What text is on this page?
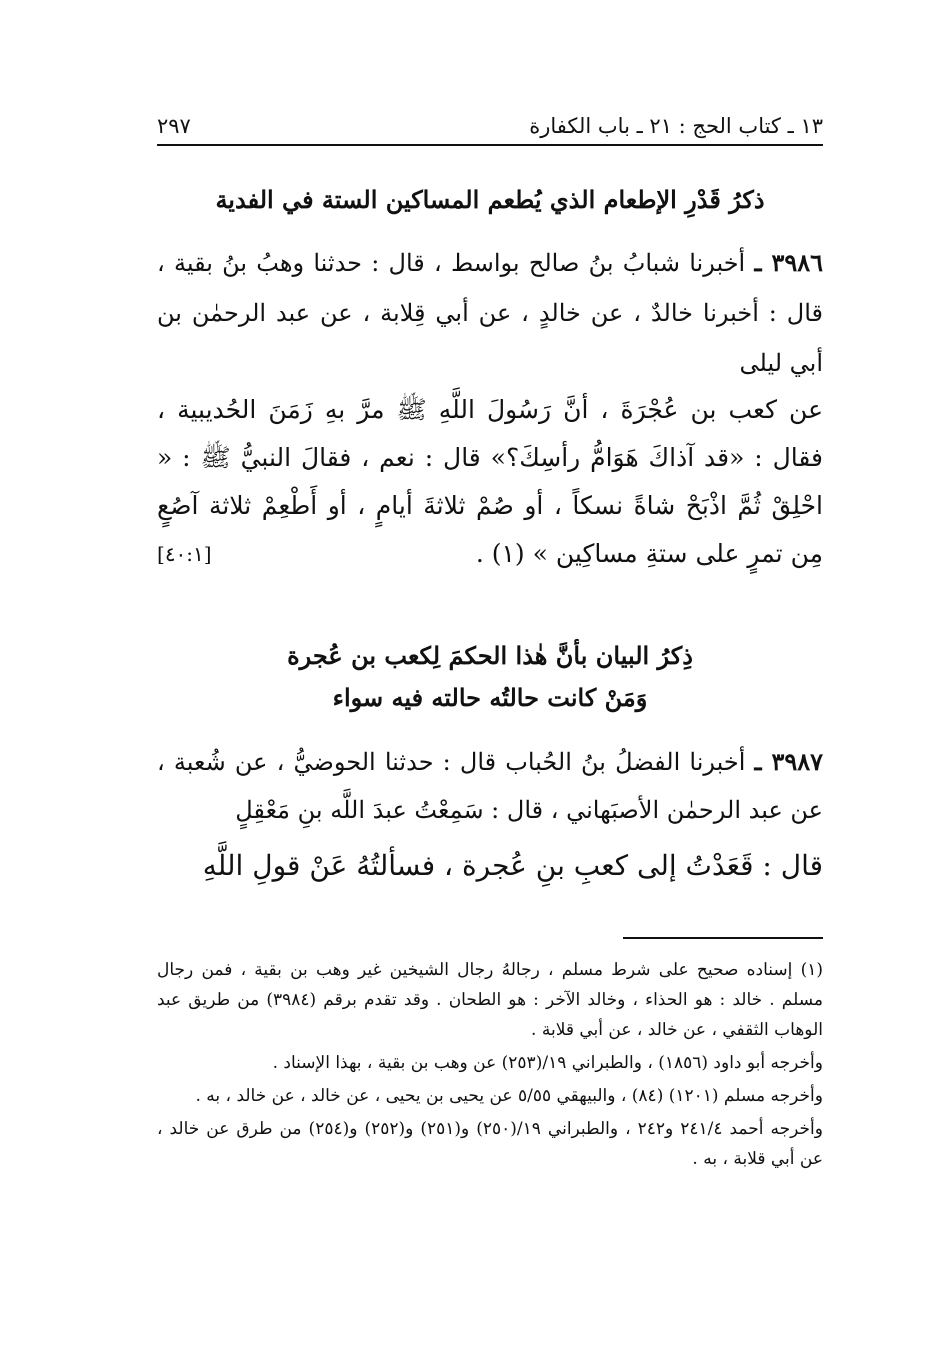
١٣ ـ كتاب الحج : ٢١ ـ باب الكفارة
٢٩٧
ذكرُ قَدْرِ الإطعام الذي يُطعم المساكين الستة في الفدية
٣٩٨٦ ـ أخبرنا شبابُ بنُ صالح بواسط ، قال : حدثنا وهبُ بنُ بقية ، قال : أخبرنا خالدٌ ، عن خالدٍ ، عن أبي قِلابة ، عن عبد الرحمٰن بن أبي ليلى
عن كعب بن عُجْرَةَ ، أنَّ رَسُولَ اللَّهِ ﷺ مرَّ بهِ زَمَنَ الحُديبية ، فقال : «قد آذاكَ هَوَامُّ رأسِكَ؟» قال : نعم ، فقالَ النبيُّ ﷺ : « احْلِقْ ثُمَّ اذْبَحْ شاةً نسكاً ، أو صُمْ ثلاثةَ أيامٍ ، أو أَطْعِمْ ثلاثة آصُعٍ مِن تمرٍ على ستةِ مساكِين » (١) .
[٤٠:١]
ذِكرُ البيان بأنَّ هٰذا الحكمَ لِكعب بن عُجرة
وَمَنْ كانت حالتُه حالته فيه سواء
٣٩٨٧ ـ أخبرنا الفضلُ بنُ الحُباب قال : حدثنا الحوضيُّ ، عن شُعبة ، عن عبد الرحمٰن الأصبَهاني ، قال : سَمِعْتُ عبدَ اللَّه بنِ مَعْقِلٍ
قال : قَعَدْتُ إلى كعبِ بنِ عُجرة ، فسألتُهُ عَنْ قولِ اللَّهِ

(١) إسناده صحيح على شرط مسلم ، رجالهُ رجال الشيخين غير وهب بن بقية ، فمن رجال مسلم . خالد : هو الحذاء ، وخالد الآخر : هو الطحان . وقد تقدم برقم (٣٩٨٤) من طريق عبد الوهاب الثقفي ، عن خالد ، عن أبي قلابة .

وأخرجه أبو داود (١٨٥٦) ، والطبراني ١٩/(٢٥٣) عن وهب بن بقية ، بهذا الإسناد .

وأخرجه مسلم (١٢٠١) (٨٤) ، والبيهقي ٥/٥٥ عن يحيى بن يحيى ، عن خالد ، عن خالد ، به .

وأخرجه أحمد ٢٤١/٤ و٢٤٢ ، والطبراني ١٩/(٢٥٠) و(٢٥١) و(٢٥٢) و(٢٥٤) من طرق عن خالد ، عن أبي قلابة ، به .
